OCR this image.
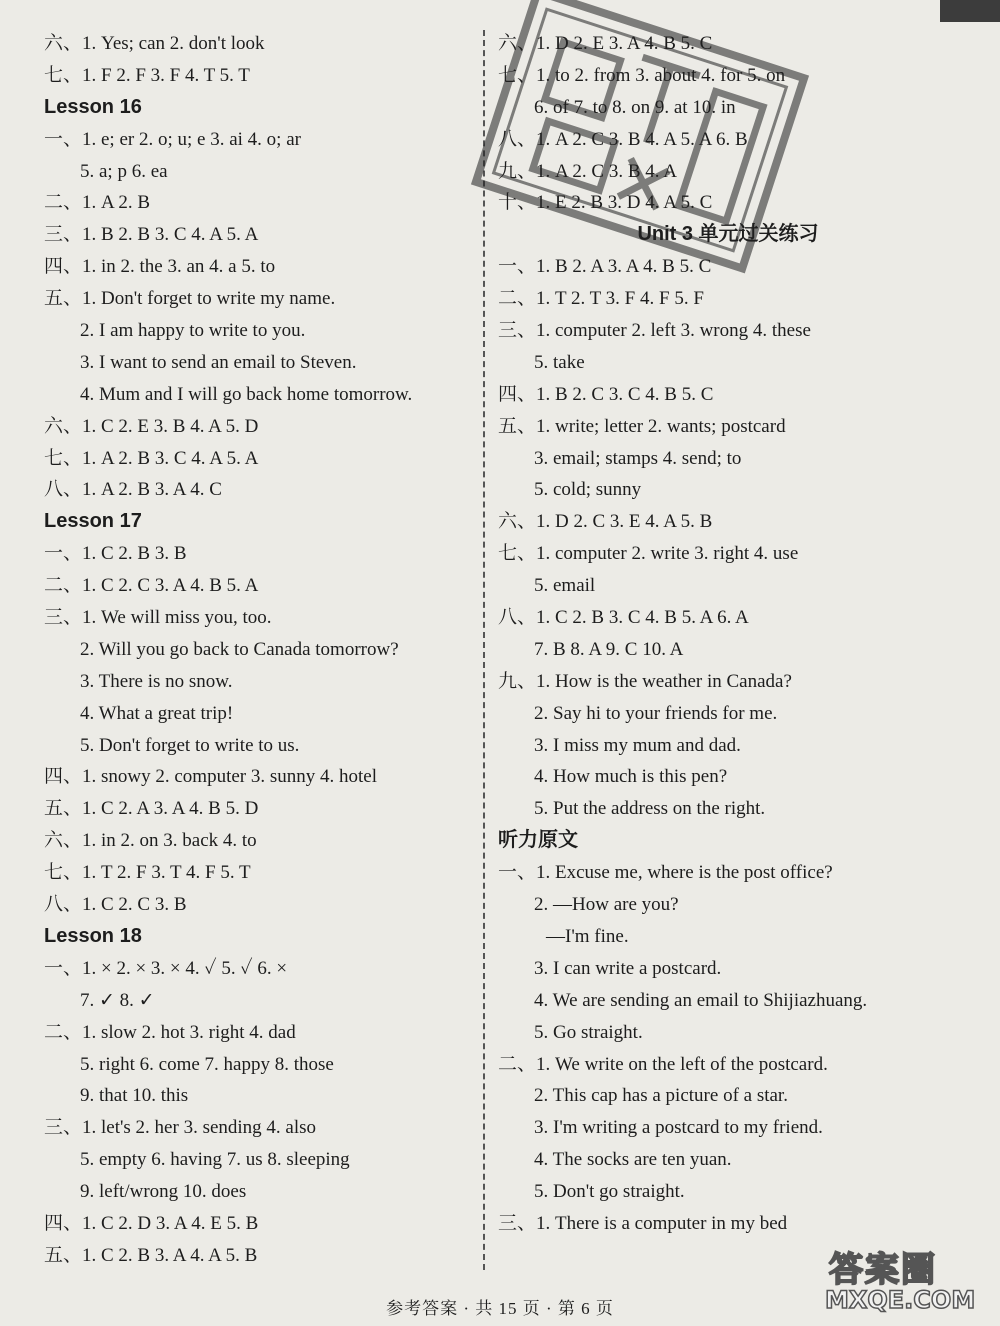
六、1. Yes; can 2. don't look
七、1. F 2. F 3. F 4. T 5. T
Lesson 16
一、1. e; er 2. o; u; e 3. ai 4. o; ar
5. a; p 6. ea
二、1. A 2. B
三、1. B 2. B 3. C 4. A 5. A
四、1. in 2. the 3. an 4. a 5. to
五、1. Don't forget to write my name.
2. I am happy to write to you.
3. I want to send an email to Steven.
4. Mum and I will go back home tomorrow.
六、1. C 2. E 3. B 4. A 5. D
七、1. A 2. B 3. C 4. A 5. A
八、1. A 2. B 3. A 4. C
Lesson 17
一、1. C 2. B 3. B
二、1. C 2. C 3. A 4. B 5. A
三、1. We will miss you, too.
2. Will you go back to Canada tomorrow?
3. There is no snow.
4. What a great trip!
5. Don't forget to write to us.
四、1. snowy 2. computer 3. sunny 4. hotel
五、1. C 2. A 3. A 4. B 5. D
六、1. in 2. on 3. back 4. to
七、1. T 2. F 3. T 4. F 5. T
八、1. C 2. C 3. B
Lesson 18
一、1. × 2. × 3. × 4. ✓ 5. ✓ 6. ×
7. ✓ 8. ✓
二、1. slow 2. hot 3. right 4. dad
5. right 6. come 7. happy 8. those
9. that 10. this
三、1. let's 2. her 3. sending 4. also
5. empty 6. having 7. us 8. sleeping
9. left/wrong 10. does
四、1. C 2. D 3. A 4. E 5. B
五、1. C 2. B 3. A 4. A 5. B
六、1. D 2. E 3. A 4. B 5. C
七、1. to 2. from 3. about 4. for 5. on
6. of 7. to 8. on 9. at 10. in
八、1. A 2. C 3. B 4. A 5. A 6. B
九、1. A 2. C 3. B 4. A
十、1. E 2. B 3. D 4. A 5. C
Unit 3 单元过关练习
一、1. B 2. A 3. A 4. B 5. C
二、1. T 2. T 3. F 4. F 5. F
三、1. computer 2. left 3. wrong 4. these
5. take
四、1. B 2. C 3. C 4. B 5. C
五、1. write; letter 2. wants; postcard
3. email; stamps 4. send; to
5. cold; sunny
六、1. D 2. C 3. E 4. A 5. B
七、1. computer 2. write 3. right 4. use
5. email
八、1. C 2. B 3. C 4. B 5. A 6. A
7. B 8. A 9. C 10. A
九、1. How is the weather in Canada?
2. Say hi to your friends for me.
3. I miss my mum and dad.
4. How much is this pen?
5. Put the address on the right.
听力原文
一、1. Excuse me, where is the post office?
2. —How are you?
—I'm fine.
3. I can write a postcard.
4. We are sending an email to Shijiazhuang.
5. Go straight.
二、1. We write on the left of the postcard.
2. This cap has a picture of a star.
3. I'm writing a postcard to my friend.
4. The socks are ten yuan.
5. Don't go straight.
三、1. There is a computer in my bed
参考答案 · 共 15 页 · 第 6 页
答案圈
MXQE.COM
